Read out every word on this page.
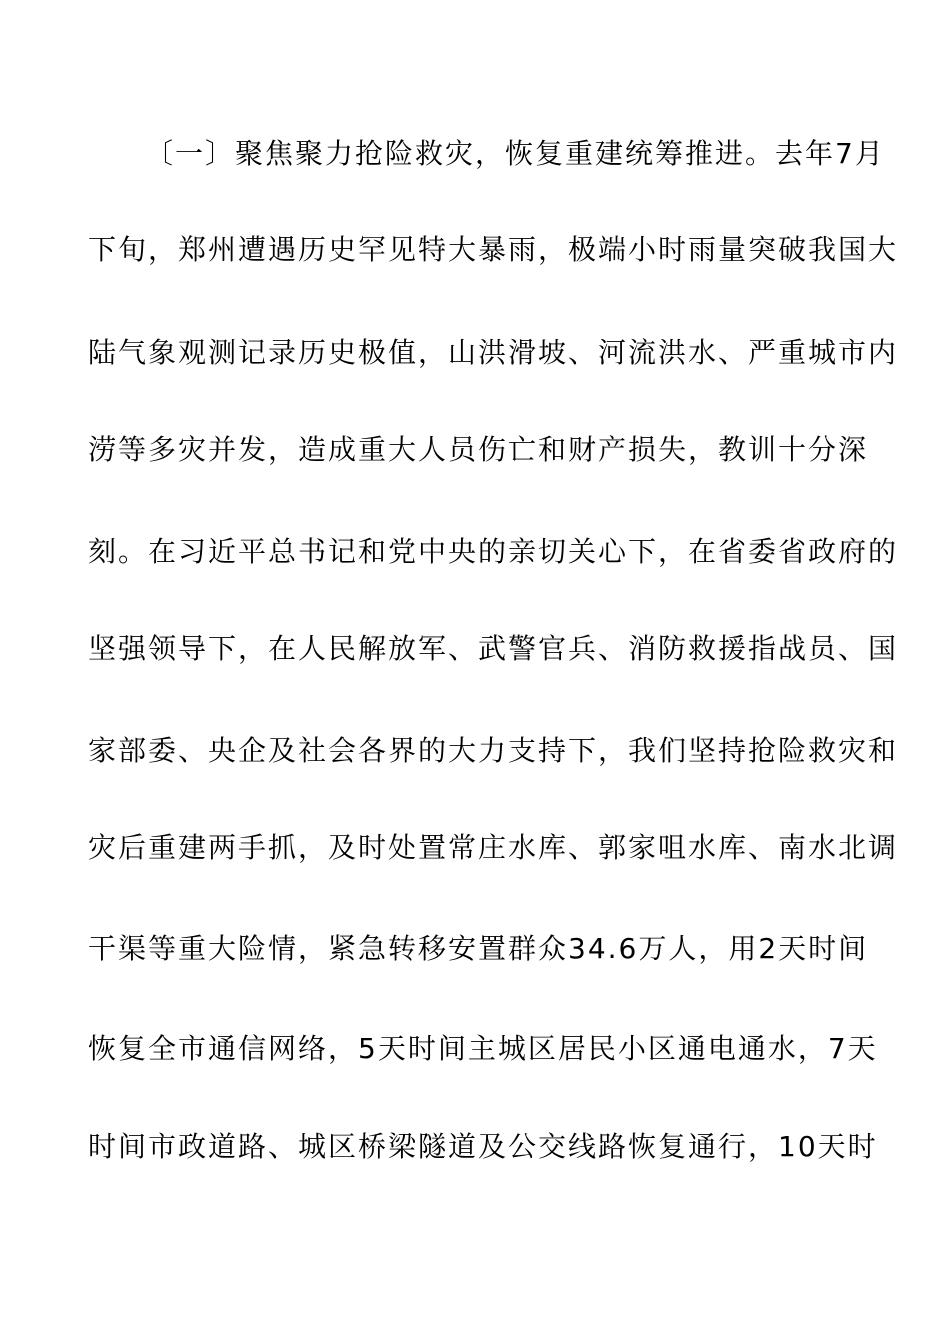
〔一〕聚焦聚力抢险救灾，恢复重建统筹推进。去年7月
下旬，郑州遭遇历史罕见特大暴雨，极端小时雨量突破我国大
陆气象观测记录历史极值，山洪滑坡、河流洪水、严重城市内
涝等多灾并发，造成重大人员伤亡和财产损失，教训十分深
刻。在习近平总书记和党中央的亲切关心下，在省委省政府的
坚强领导下，在人民解放军、武警官兵、消防救援指战员、国
家部委、央企及社会各界的大力支持下，我们坚持抢险救灾和
灾后重建两手抓，及时处置常庄水库、郭家咀水库、南水北调
干渠等重大险情，紧急转移安置群众34.6万人，用2天时间
恢复全市通信网络，5天时间主城区居民小区通电通水，7天
时间市政道路、城区桥梁隧道及公交线路恢复通行，10天时
